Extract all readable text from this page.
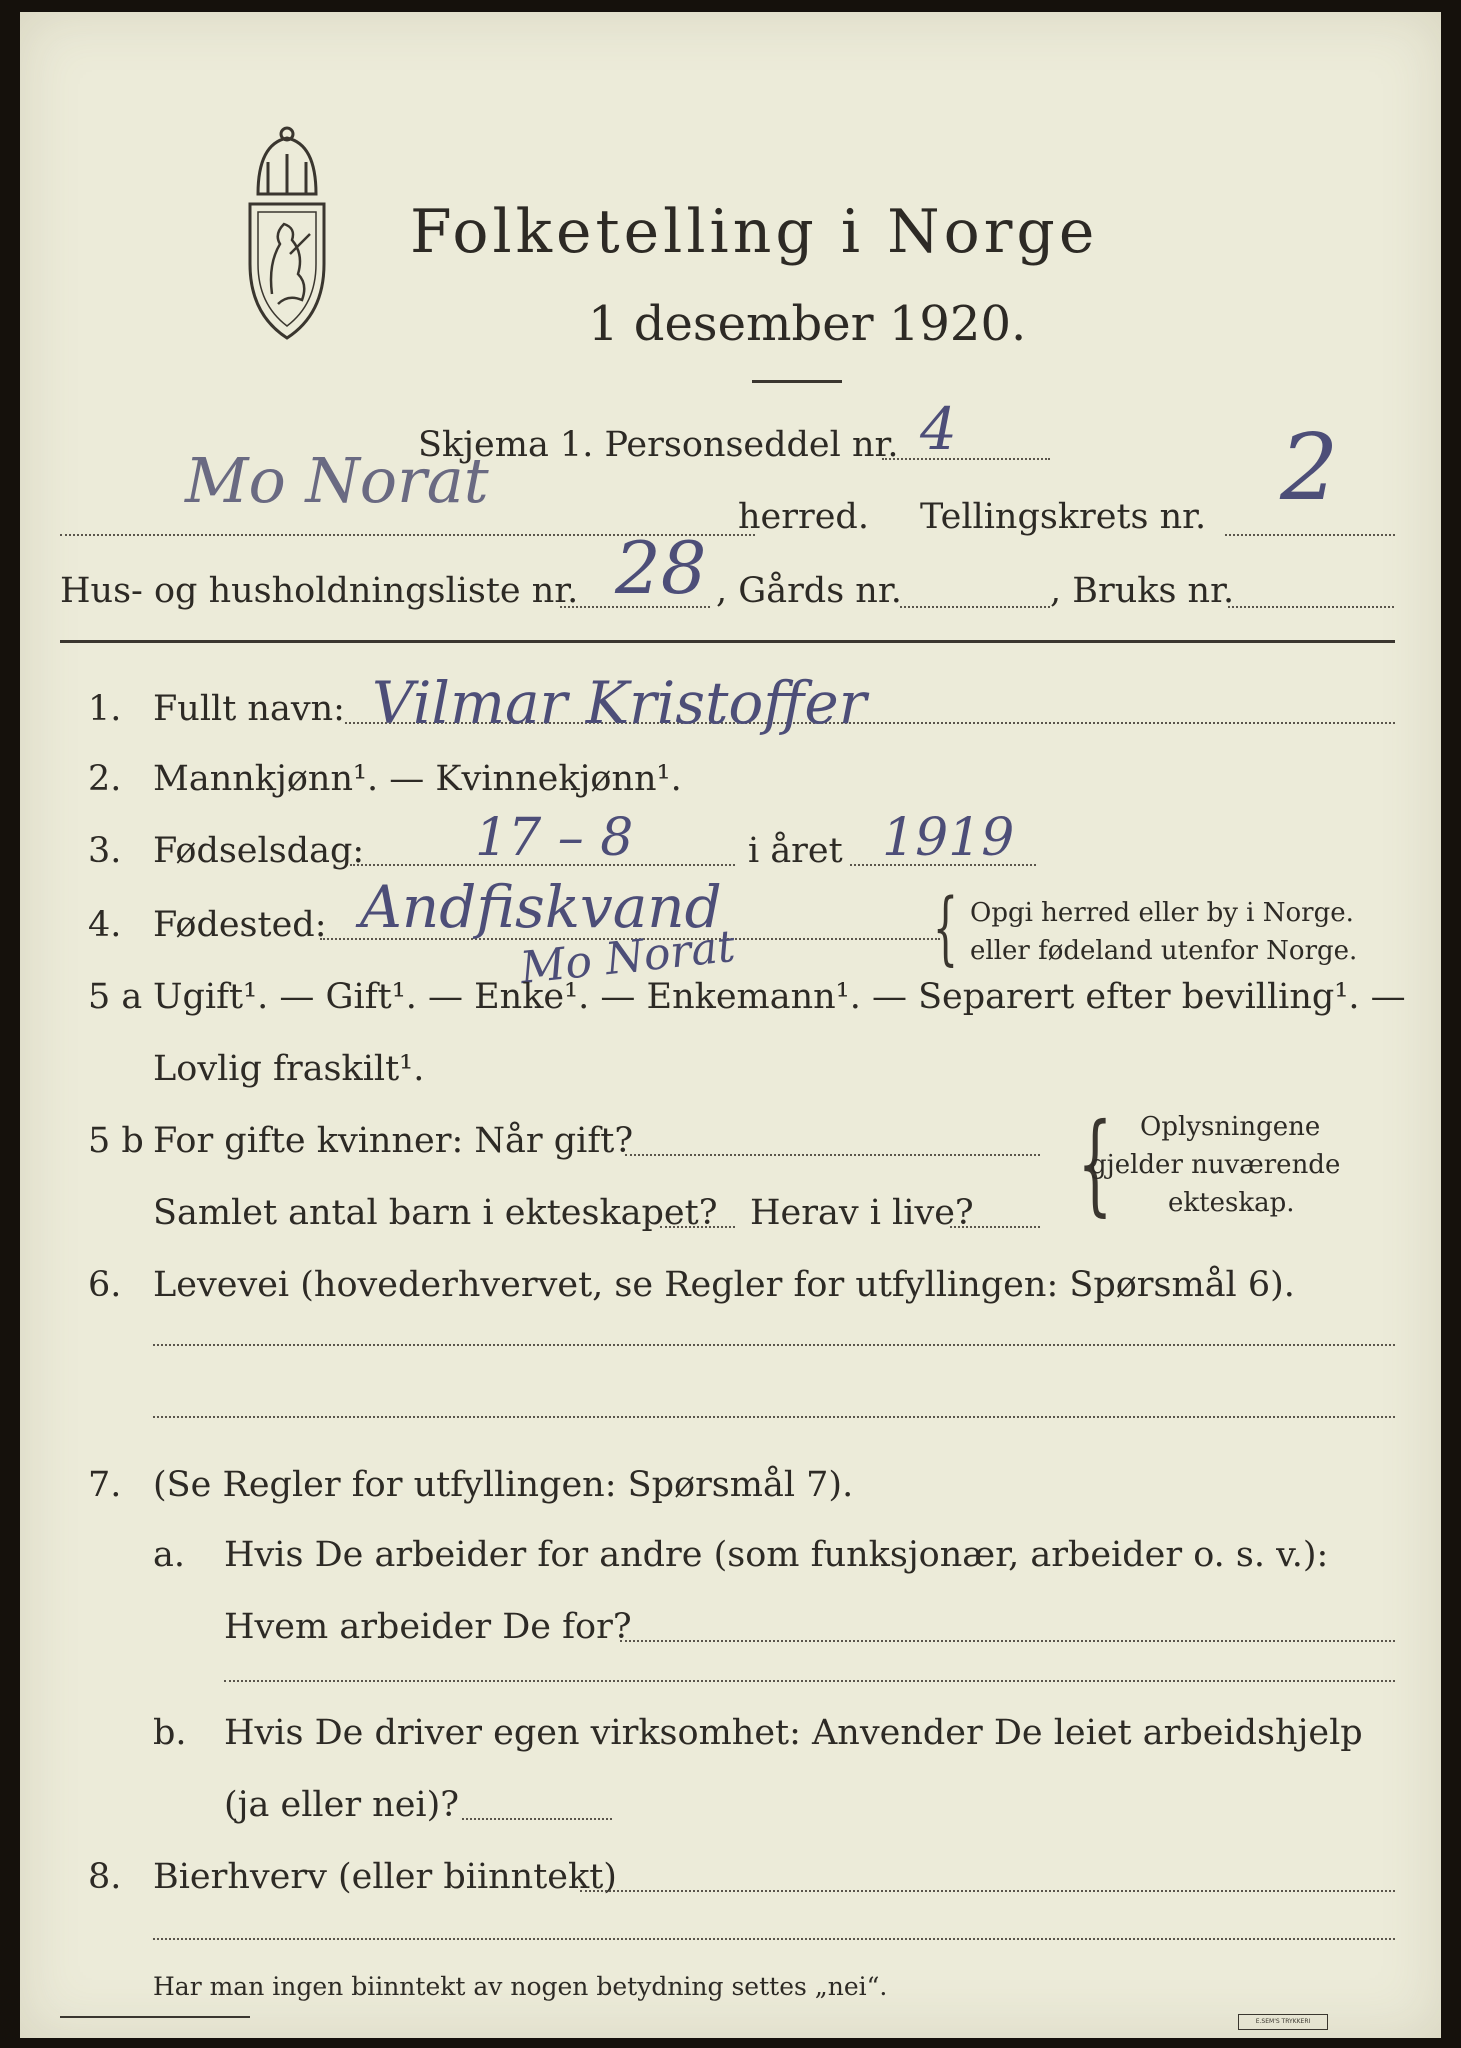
Folketelling i Norge
1 desember 1920.
Skjema 1. Personseddel nr. 4
Mo Norat	herred. Tellingskrets nr. 2
Hus- og husholdningsliste nr. 28 , Gårds nr.	, Bruks nr.
1. Fullt navn: Vilmar Kristoffer
2. Mannkjønn¹. — Kvinnekjønn¹.
3. Fødselsdag: 17 – 8	i året 1919
4. Fødested: Andfiskvand
Mo Norat { Opgi herred eller by i Norge.
eller fødeland utenfor Norge.
5 a Ugift¹. — Gift¹. — Enke¹. — Enkemann¹. — Separert efter bevilling¹. —
Lovlig fraskilt¹.
5 b For gifte kvinner: Når gift?
Samlet antal barn i ekteskapet? Herav i live? { Oplysningene
gjelder nuværende
ekteskap.
6. Levevei (hovederhvervet, se Regler for utfyllingen: Spørsmål 6).
7. (Se Regler for utfyllingen: Spørsmål 7).
a. Hvis De arbeider for andre (som funksjonær, arbeider o. s. v.):
Hvem arbeider De for?
b. Hvis De driver egen virksomhet: Anvender De leiet arbeidshjelp
(ja eller nei)?
8. Bierhverv (eller biinntekt)
Har man ingen biinntekt av nogen betydning settes „nei“.
E.SEM'S TRYKKERI
